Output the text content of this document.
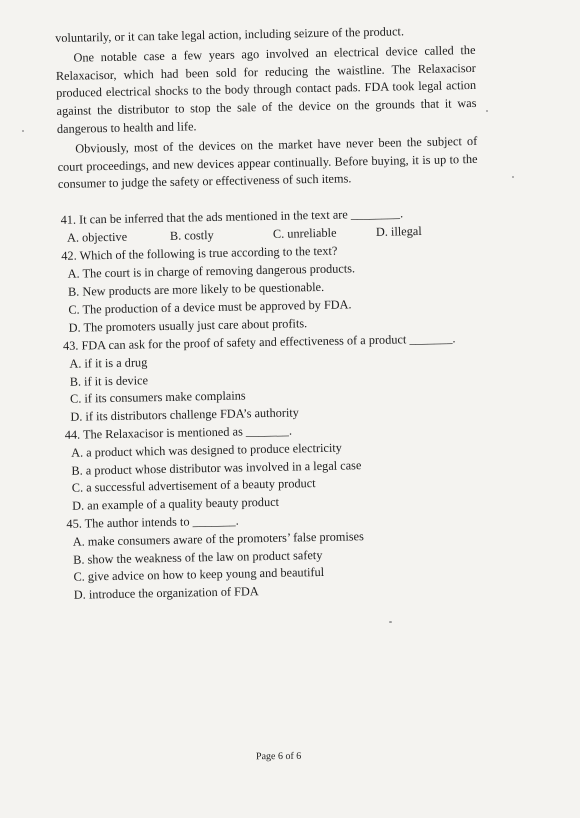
voluntarily, or it can take legal action, including seizure of the product.

One notable case a few years ago involved an electrical device called the Relaxacisor, which had been sold for reducing the waistline. The Relaxacisor produced electrical shocks to the body through contact pads. FDA took legal action against the distributor to stop the sale of the device on the grounds that it was dangerous to health and life.

Obviously, most of the devices on the market have never been the subject of court proceedings, and new devices appear continually. Before buying, it is up to the consumer to judge the safety or effectiveness of such items.

41. It can be inferred that the ads mentioned in the text are ________.

A. objective	B. costly	C. unreliable	D. illegal

42. Which of the following is true according to the text?

A. The court is in charge of removing dangerous products.

B. New products are more likely to be questionable.

C. The production of a device must be approved by FDA.

D. The promoters usually just care about profits.

43. FDA can ask for the proof of safety and effectiveness of a product _______.

A. if it is a drug

B. if it is device

C. if its consumers make complains

D. if its distributors challenge FDA’s authority

44. The Relaxacisor is mentioned as _______.

A. a product which was designed to produce electricity

B. a product whose distributor was involved in a legal case

C. a successful advertisement of a beauty product

D. an example of a quality beauty product

45. The author intends to _______.

A. make consumers aware of the promoters’ false promises

B. show the weakness of the law on product safety

C. give advice on how to keep young and beautiful

D. introduce the organization of FDA

Page 6 of 6
